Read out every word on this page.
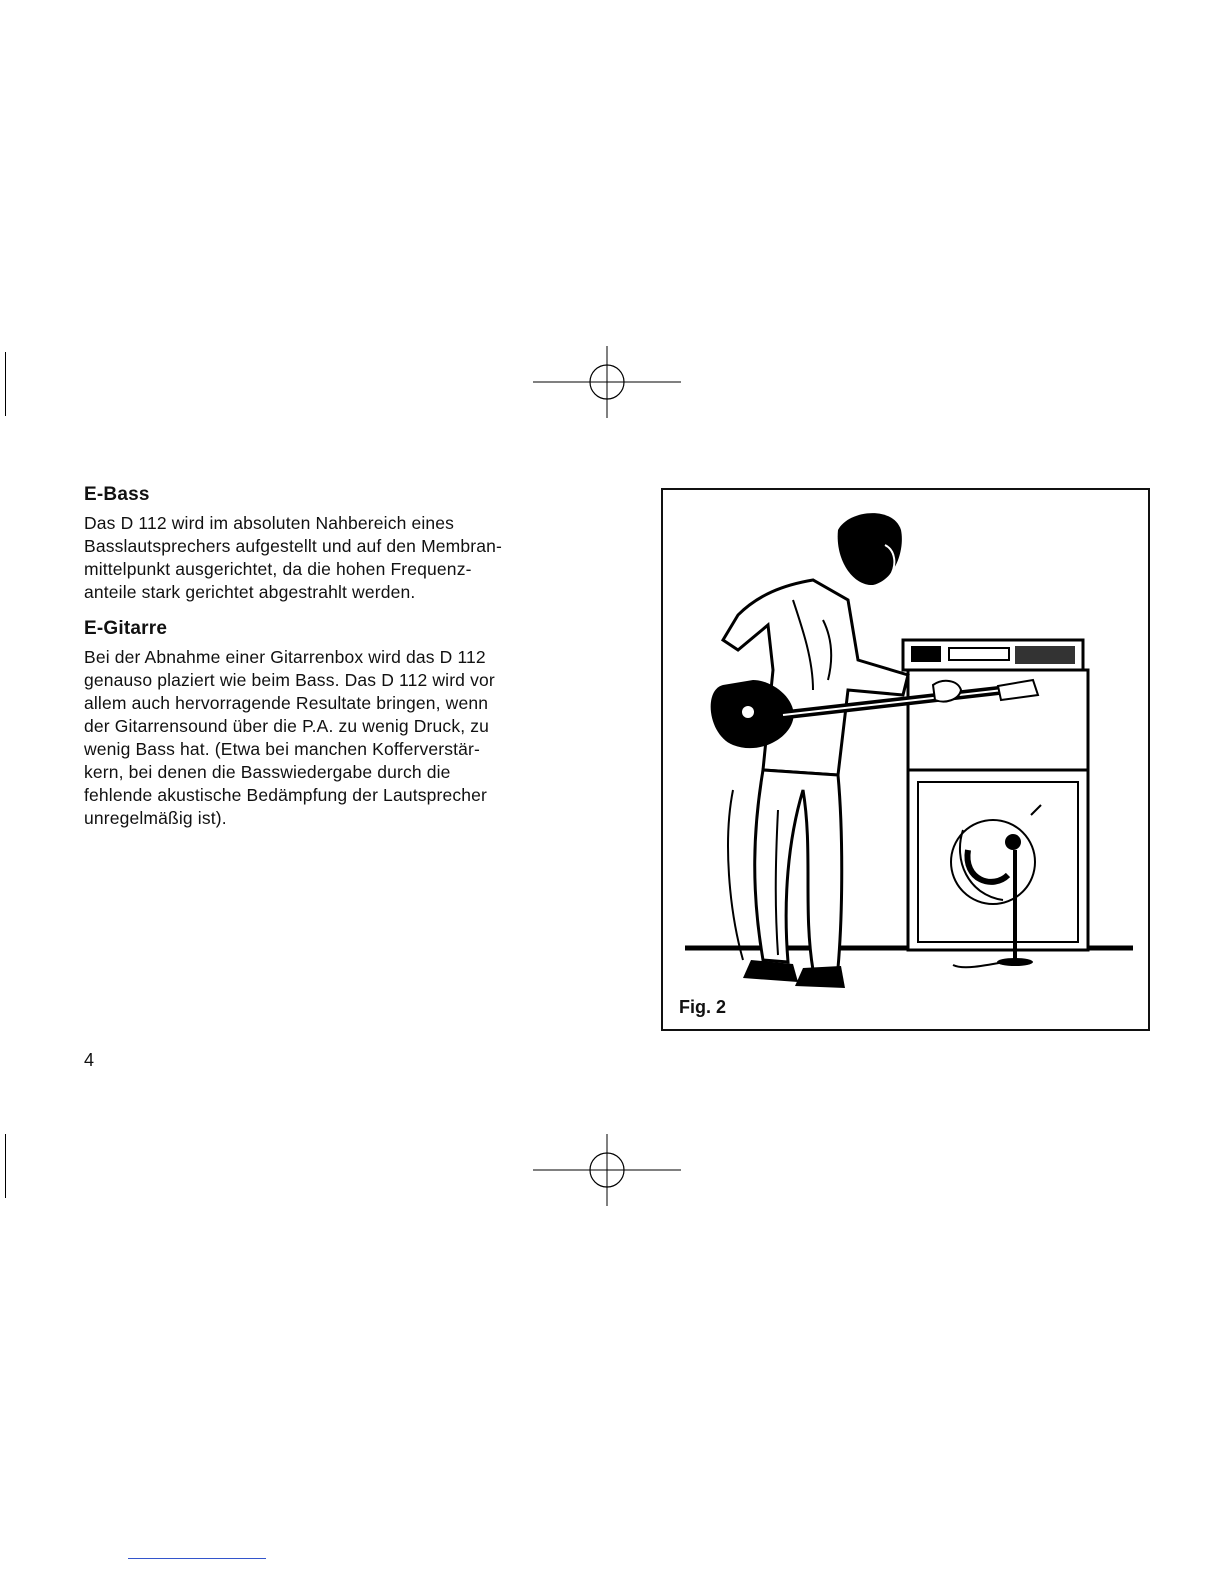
E-Bass
Das D 112 wird im absoluten Nahbereich eines
Basslautsprechers aufgestellt und auf den Membran-
mittelpunkt ausgerichtet, da die hohen Frequenz-
anteile stark gerichtet abgestrahlt werden.
E-Gitarre
Bei der Abnahme einer Gitarrenbox wird das D 112
genauso plaziert wie beim Bass. Das D 112 wird vor
allem auch hervorragende Resultate bringen, wenn
der Gitarrensound über die P.A. zu wenig Druck, zu
wenig Bass hat. (Etwa bei manchen Kofferverstär-
kern, bei denen die Basswiedergabe durch die
fehlende akustische Bedämpfung der Lautsprecher
unregelmäßig ist).
4
Fig. 2
